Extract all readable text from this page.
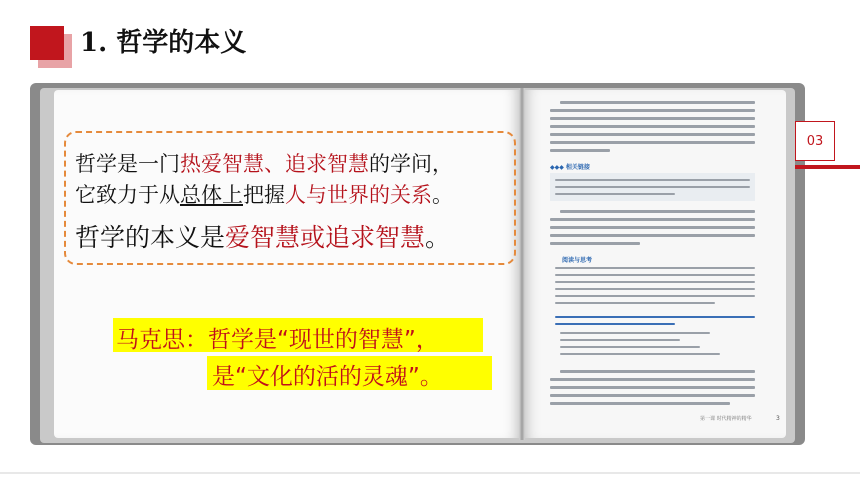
1. 哲学的本义
哲学是一门热爱智慧、追求智慧的学问，
它致力于从总体上把握人与世界的关系。
哲学的本义是爱智慧或追求智慧。
马克思：哲学是“现世的智慧”，
是“文化的活的灵魂”。
◆◆◆ 相关链接
阅读与思考
第一课 时代精神的精华	3
03
